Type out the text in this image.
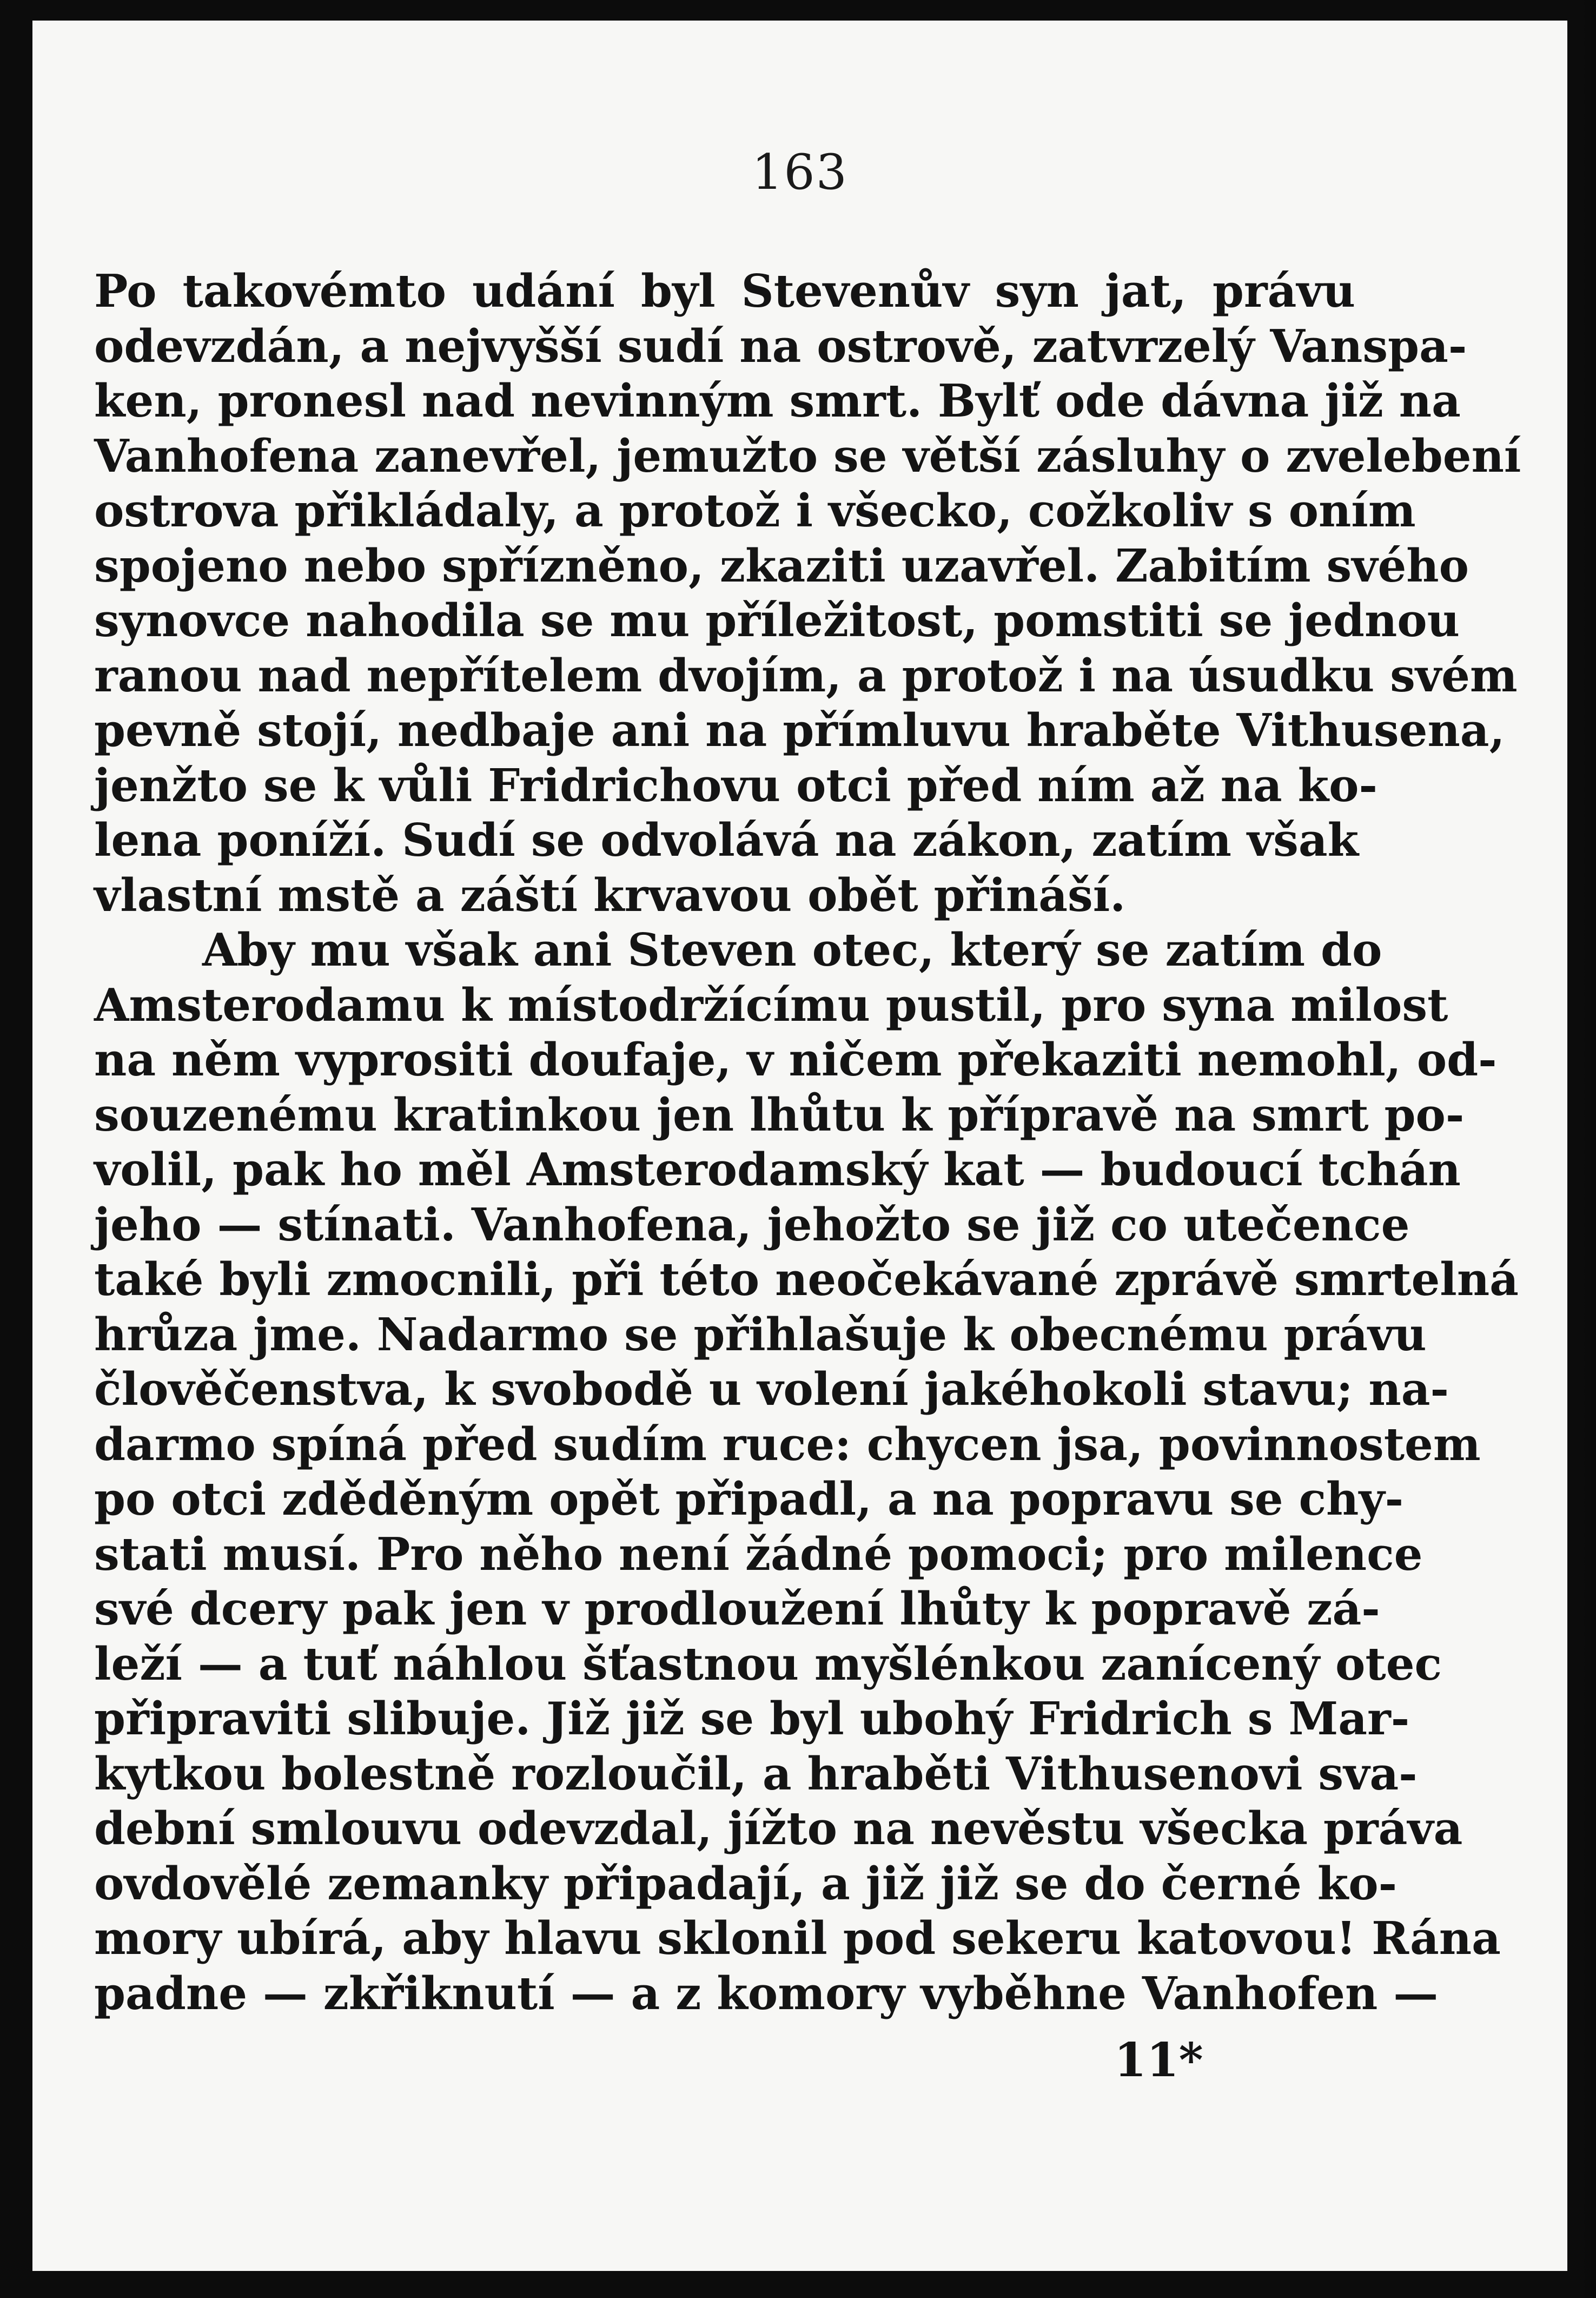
163
Po takovémto udání byl Stevenův syn jat, právu
odevzdán, a nejvyšší sudí na ostrově, zatvrzelý Vanspa-
ken, pronesl nad nevinným smrt. Bylť ode dávna již na
Vanhofena zanevřel, jemužto se větší zásluhy o zvelebení
ostrova přikládaly, a protož i všecko, cožkoliv s oním
spojeno nebo spřízněno, zkaziti uzavřel. Zabitím svého
synovce nahodila se mu příležitost, pomstiti se jednou
ranou nad nepřítelem dvojím, a protož i na úsudku svém
pevně stojí, nedbaje ani na přímluvu hraběte Vithusena,
jenžto se k vůli Fridrichovu otci před ním až na ko-
lena poníží. Sudí se odvolává na zákon, zatím však
vlastní mstě a záští krvavou obět přináší.
Aby mu však ani Steven otec, který se zatím do
Amsterodamu k místodržícímu pustil, pro syna milost
na něm vyprositi doufaje, v ničem překaziti nemohl, od-
souzenému kratinkou jen lhůtu k přípravě na smrt po-
volil, pak ho měl Amsterodamský kat — budoucí tchán
jeho — stínati. Vanhofena, jehožto se již co utečence
také byli zmocnili, při této neočekávané zprávě smrtelná
hrůza jme. Nadarmo se přihlašuje k obecnému právu
člověčenstva, k svobodě u volení jakéhokoli stavu; na-
darmo spíná před sudím ruce: chycen jsa, povinnostem
po otci zděděným opět připadl, a na popravu se chy-
stati musí. Pro něho není žádné pomoci; pro milence
své dcery pak jen v prodloužení lhůty k popravě zá-
leží — a tuť náhlou šťastnou myšlénkou zanícený otec
připraviti slibuje. Již již se byl ubohý Fridrich s Mar-
kytkou bolestně rozloučil, a hraběti Vithusenovi sva-
dební smlouvu odevzdal, jížto na nevěstu všecka práva
ovdovělé zemanky připadají, a již již se do černé ko-
mory ubírá, aby hlavu sklonil pod sekeru katovou! Rána
padne — zkřiknutí — a z komory vyběhne Vanhofen —
11*
